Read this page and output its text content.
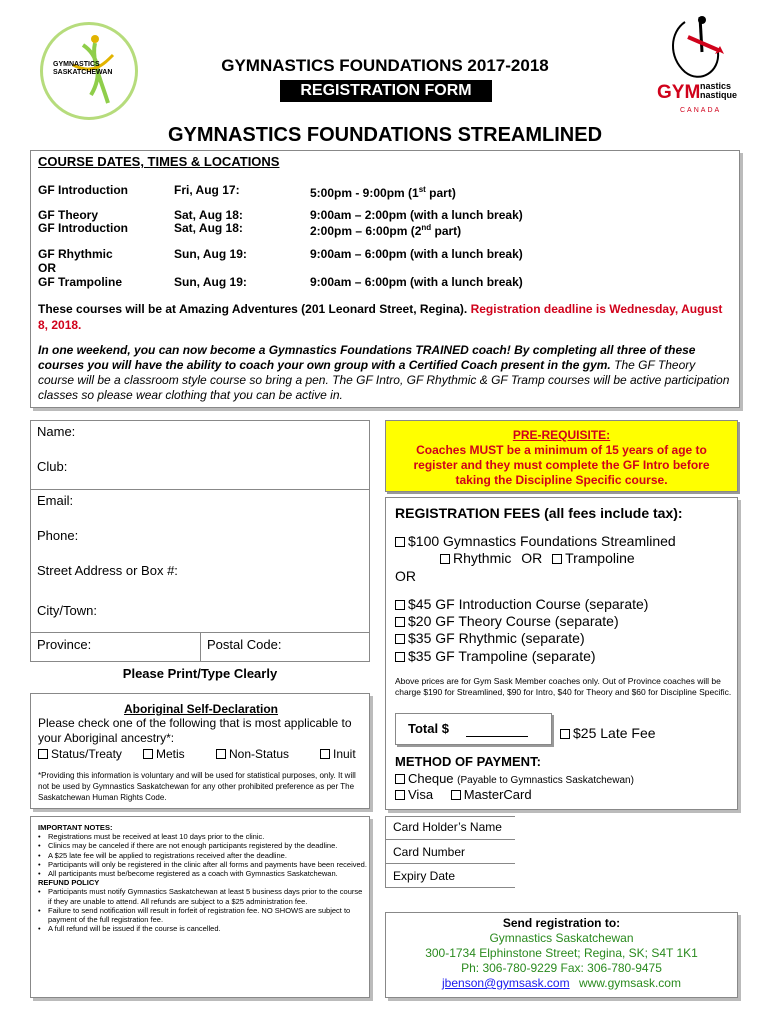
GYMNASTICS
SASKATCHEWAN
GYM nastics
nastique
CANADA
GYMNASTICS FOUNDATIONS 2017-2018
REGISTRATION FORM
GYMNASTICS FOUNDATIONS STREAMLINED
COURSE DATES, TIMES & LOCATIONS
GF Introduction	Fri, Aug 17:	5:00pm - 9:00pm (1st part)
GF Theory	Sat, Aug 18:	9:00am – 2:00pm (with a lunch break)
GF Introduction	Sat, Aug 18:	2:00pm – 6:00pm (2nd part)
GF Rhythmic	Sun, Aug 19:	9:00am – 6:00pm (with a lunch break)
OR
GF Trampoline	Sun, Aug 19:	9:00am – 6:00pm (with a lunch break)
These courses will be at Amazing Adventures (201 Leonard Street, Regina). Registration deadline is Wednesday, August 8, 2018.
In one weekend, you can now become a Gymnastics Foundations TRAINED coach! By completing all three of these courses you will have the ability to coach your own group with a Certified Coach present in the gym. The GF Theory course will be a classroom style course so bring a pen. The GF Intro, GF Rhythmic & GF Tramp courses will be active participation classes so please wear clothing that you can be active in.
Name:
Club:
Email:
Phone:
Street Address or Box #:
City/Town:
Province:	Postal Code:
Please Print/Type Clearly
Aboriginal Self-Declaration
Please check one of the following that is most applicable to your Aboriginal ancestry*:
Status/Treaty	Metis	Non-Status	Inuit
*Providing this information is voluntary and will be used for statistical purposes, only. It will not be used by Gymnastics Saskatchewan for any other prohibited preference as per The Saskatchewan Human Rights Code.
IMPORTANT NOTES:
• Registrations must be received at least 10 days prior to the clinic.
• Clinics may be canceled if there are not enough participants registered by the deadline.
• A $25 late fee will be applied to registrations received after the deadline.
• Participants will only be registered in the clinic after all forms and payments have been received.
• All participants must be/become registered as a coach with Gymnastics Saskatchewan.
REFUND POLICY
• Participants must notify Gymnastics Saskatchewan at least 5 business days prior to the course if they are unable to attend. All refunds are subject to a $25 administration fee.
• Failure to send notification will result in forfeit of registration fee. NO SHOWS are subject to payment of the full registration fee.
• A full refund will be issued if the course is cancelled.
PRE-REQUISITE:
Coaches MUST be a minimum of 15 years of age to register and they must complete the GF Intro before taking the Discipline Specific course.
REGISTRATION FEES (all fees include tax):
$100 Gymnastics Foundations Streamlined
Rhythmic OR Trampoline
OR
$45 GF Introduction Course (separate)
$20 GF Theory Course (separate)
$35 GF Rhythmic (separate)
$35 GF Trampoline (separate)
Above prices are for Gym Sask Member coaches only. Out of Province coaches will be charge $190 for Streamlined, $90 for Intro, $40 for Theory and $60 for Discipline Specific.
Total $	$25 Late Fee
METHOD OF PAYMENT:
Cheque (Payable to Gymnastics Saskatchewan)
Visa MasterCard
Card Holder’s Name
Card Number
Expiry Date
Send registration to:
Gymnastics Saskatchewan
300-1734 Elphinstone Street; Regina, SK; S4T 1K1
Ph: 306-780-9229 Fax: 306-780-9475
jbenson@gymsask.com www.gymsask.com
